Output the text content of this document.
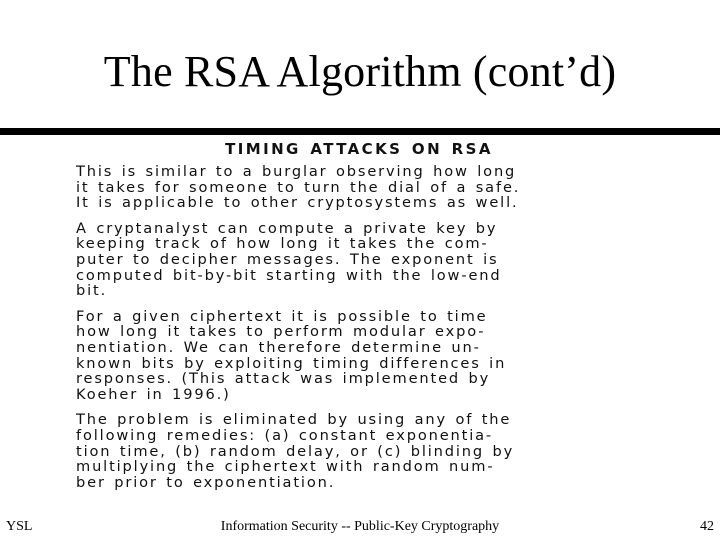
The RSA Algorithm (cont’d)
TIMING ATTACKS ON RSA
This is similar to a burglar observing how long
it takes for someone to turn the dial of a safe.
It is applicable to other cryptosystems as well.
A cryptanalyst can compute a private key by
keeping track of how long it takes the com-
puter to decipher messages. The exponent is
computed bit-by-bit starting with the low-end
bit.
For a given ciphertext it is possible to time
how long it takes to perform modular expo-
nentiation. We can therefore determine un-
known bits by exploiting timing differences in
responses. (This attack was implemented by
Koeher in 1996.)
The problem is eliminated by using any of the
following remedies: (a) constant exponentia-
tion time, (b) random delay, or (c) blinding by
multiplying the ciphertext with random num-
ber prior to exponentiation.
YSL	Information Security -- Public-Key Cryptography	42
